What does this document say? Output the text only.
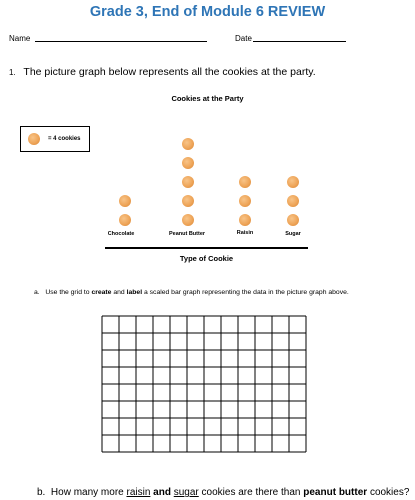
Grade 3, End of Module 6 REVIEW
Name	Date
1. The picture graph below represents all the cookies at the party.
Cookies at the Party
= 4 cookies
Chocolate	Peanut Butter	Raisin	Sugar
Type of Cookie
a. Use the grid to create and label a scaled bar graph representing the data in the picture graph above.
b. How many more raisin and sugar cookies are there than peanut butter cookies?
